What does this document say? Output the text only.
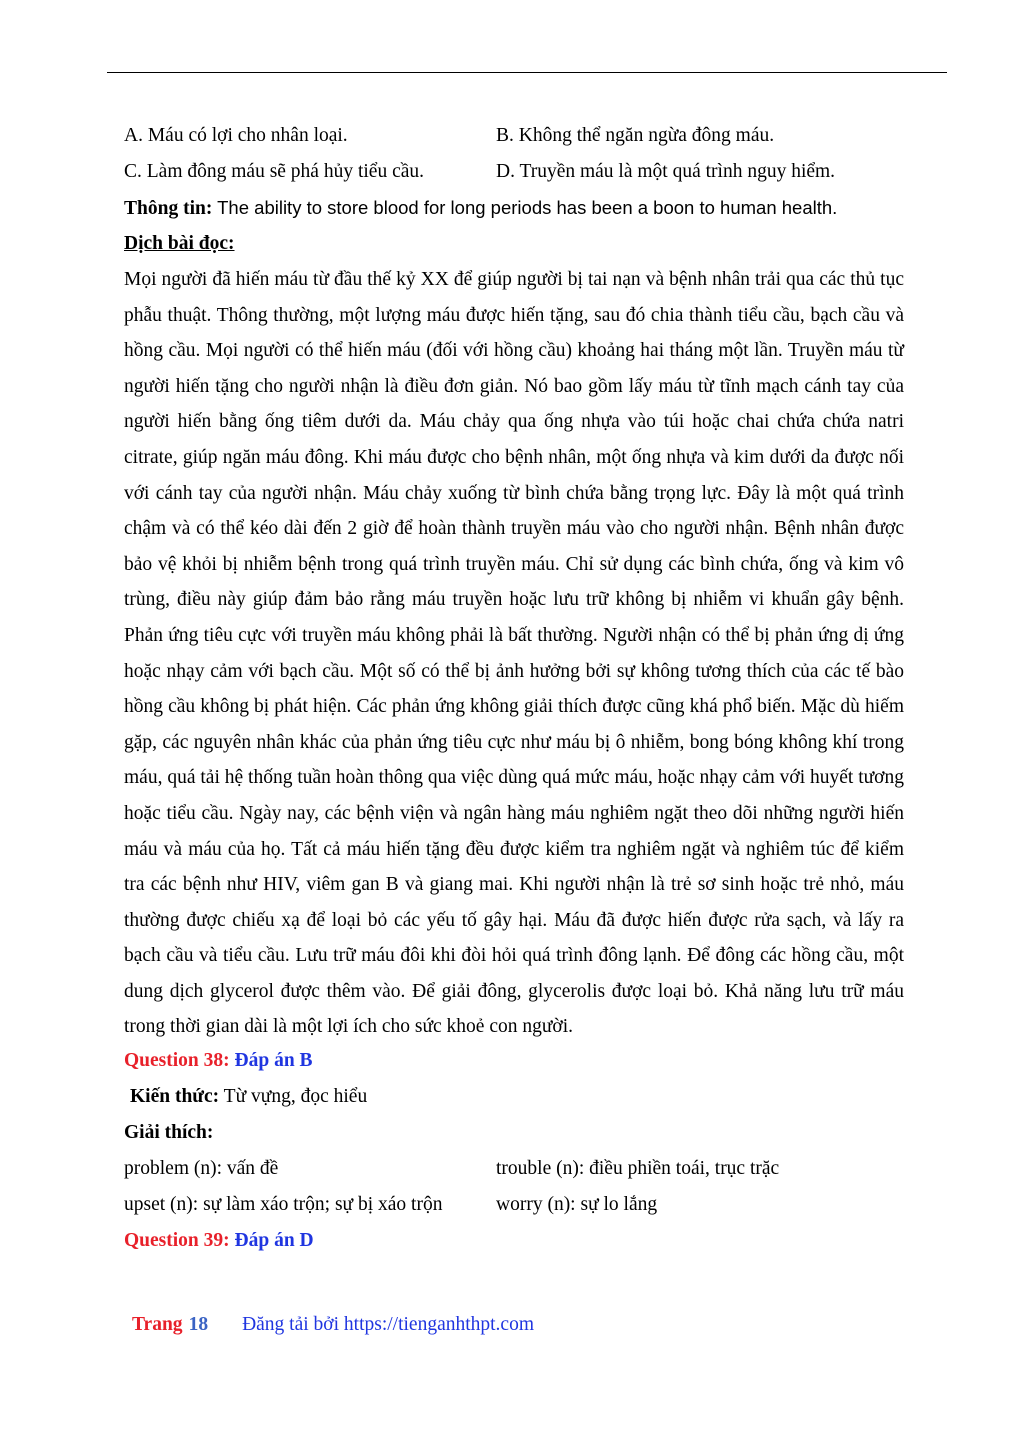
A. Máu có lợi cho nhân loại.	B. Không thể ngăn ngừa đông máu.
C. Làm đông máu sẽ phá hủy tiểu cầu.	D. Truyền máu là một quá trình nguy hiểm.
Thông tin: The ability to store blood for long periods has been a boon to human health.
Dịch bài đọc:
Mọi người đã hiến máu từ đầu thế kỷ XX để giúp người bị tai nạn và bệnh nhân trải qua các thủ tục phẫu thuật. Thông thường, một lượng máu được hiến tặng, sau đó chia thành tiểu cầu, bạch cầu và hồng cầu. Mọi người có thể hiến máu (đối với hồng cầu) khoảng hai tháng một lần. Truyền máu từ người hiến tặng cho người nhận là điều đơn giản. Nó bao gồm lấy máu từ tĩnh mạch cánh tay của người hiến bằng ống tiêm dưới da. Máu chảy qua ống nhựa vào túi hoặc chai chứa chứa natri citrate, giúp ngăn máu đông. Khi máu được cho bệnh nhân, một ống nhựa và kim dưới da được nối với cánh tay của người nhận. Máu chảy xuống từ bình chứa bằng trọng lực. Đây là một quá trình chậm và có thể kéo dài đến 2 giờ để hoàn thành truyền máu vào cho người nhận. Bệnh nhân được bảo vệ khỏi bị nhiễm bệnh trong quá trình truyền máu. Chỉ sử dụng các bình chứa, ống và kim vô trùng, điều này giúp đảm bảo rằng máu truyền hoặc lưu trữ không bị nhiễm vi khuẩn gây bệnh. Phản ứng tiêu cực với truyền máu không phải là bất thường. Người nhận có thể bị phản ứng dị ứng hoặc nhạy cảm với bạch cầu. Một số có thể bị ảnh hưởng bởi sự không tương thích của các tế bào hồng cầu không bị phát hiện. Các phản ứng không giải thích được cũng khá phổ biến. Mặc dù hiếm gặp, các nguyên nhân khác của phản ứng tiêu cực như máu bị ô nhiễm, bong bóng không khí trong máu, quá tải hệ thống tuần hoàn thông qua việc dùng quá mức máu, hoặc nhạy cảm với huyết tương hoặc tiểu cầu. Ngày nay, các bệnh viện và ngân hàng máu nghiêm ngặt theo dõi những người hiến máu và máu của họ. Tất cả máu hiến tặng đều được kiểm tra nghiêm ngặt và nghiêm túc để kiểm tra các bệnh như HIV, viêm gan B và giang mai. Khi người nhận là trẻ sơ sinh hoặc trẻ nhỏ, máu thường được chiếu xạ để loại bỏ các yếu tố gây hại. Máu đã được hiến được rửa sạch, và lấy ra bạch cầu và tiểu cầu. Lưu trữ máu đôi khi đòi hỏi quá trình đông lạnh. Để đông các hồng cầu, một dung dịch glycerol được thêm vào. Để giải đông, glycerolis được loại bỏ. Khả năng lưu trữ máu trong thời gian dài là một lợi ích cho sức khoẻ con người.
Question 38: Đáp án B
Kiến thức: Từ vựng, đọc hiểu
Giải thích:
problem (n): vấn đề	trouble (n): điều phiền toái, trục trặc
upset (n): sự làm xáo trộn; sự bị xáo trộn	worry (n): sự lo lắng
Question 39: Đáp án D
Trang 18 Đăng tải bởi https://tienganhthpt.com
